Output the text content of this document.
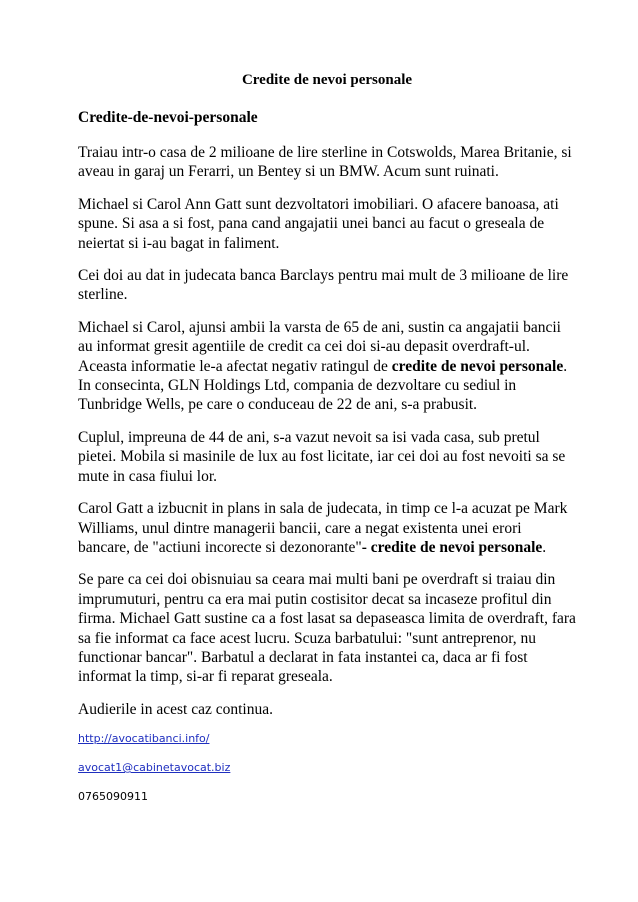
Credite de nevoi personale
Credite-de-nevoi-personale

Traiau intr-o casa de 2 milioane de lire sterline in Cotswolds, Marea Britanie, si aveau in garaj un Ferarri, un Bentey si un BMW. Acum sunt ruinati.

Michael si Carol Ann Gatt sunt dezvoltatori imobiliari. O afacere banoasa, ati spune. Si asa a si fost, pana cand angajatii unei banci au facut o greseala de neiertat si i-au bagat in faliment.

Cei doi au dat in judecata banca Barclays pentru mai mult de 3 milioane de lire sterline.

Michael si Carol, ajunsi ambii la varsta de 65 de ani, sustin ca angajatii bancii au informat gresit agentiile de credit ca cei doi si-au depasit overdraft-ul. Aceasta informatie le-a afectat negativ ratingul de credite de nevoi personale. In consecinta, GLN Holdings Ltd, compania de dezvoltare cu sediul in Tunbridge Wells, pe care o conduceau de 22 de ani, s-a prabusit.

Cuplul, impreuna de 44 de ani, s-a vazut nevoit sa isi vada casa, sub pretul pietei. Mobila si masinile de lux au fost licitate, iar cei doi au fost nevoiti sa se mute in casa fiului lor.

Carol Gatt a izbucnit in plans in sala de judecata, in timp ce l-a acuzat pe Mark Williams, unul dintre managerii bancii, care a negat existenta unei erori bancare, de "actiuni incorecte si dezonorante"- credite de nevoi personale.

Se pare ca cei doi obisnuiau sa ceara mai multi bani pe overdraft si traiau din imprumuturi, pentru ca era mai putin costisitor decat sa incaseze profitul din firma. Michael Gatt sustine ca a fost lasat sa depaseasca limita de overdraft, fara sa fie informat ca face acest lucru. Scuza barbatului: "sunt antreprenor, nu functionar bancar". Barbatul a declarat in fata instantei ca, daca ar fi fost informat la timp, si-ar fi reparat greseala.

Audierile in acest caz continua.

http://avocatibanci.info/
avocat1@cabinetavocat.biz
0765090911
